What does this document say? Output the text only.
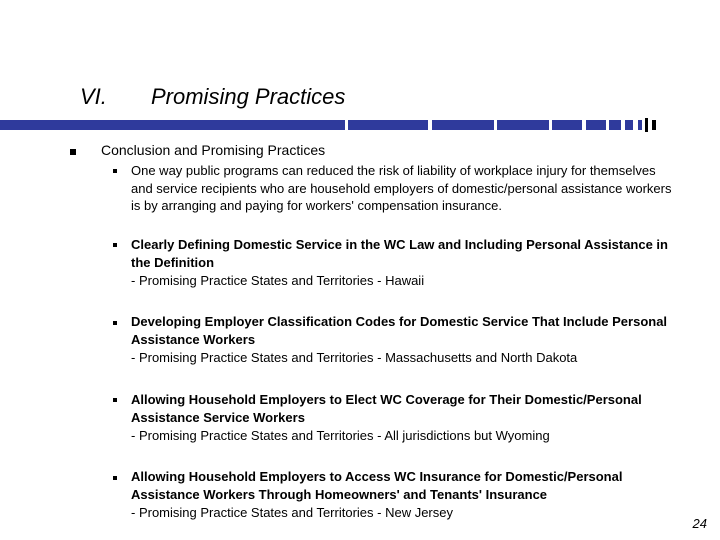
VI. Promising Practices
Conclusion and Promising Practices
One way public programs can reduced the risk of liability of workplace injury for themselves and service recipients who are household employers of domestic/personal assistance workers is by arranging and paying for workers' compensation insurance.
Clearly Defining Domestic Service in the WC Law and Including Personal Assistance in the Definition
- Promising Practice States and Territories - Hawaii
Developing Employer Classification Codes for Domestic Service That Include Personal Assistance Workers
- Promising Practice States and Territories - Massachusetts and North Dakota
Allowing Household Employers to Elect WC Coverage for Their Domestic/Personal Assistance Service Workers
- Promising Practice States and Territories - All jurisdictions but Wyoming
Allowing Household Employers to Access WC Insurance for Domestic/Personal Assistance Workers Through Homeowners' and Tenants' Insurance
- Promising Practice States and Territories - New Jersey
24
